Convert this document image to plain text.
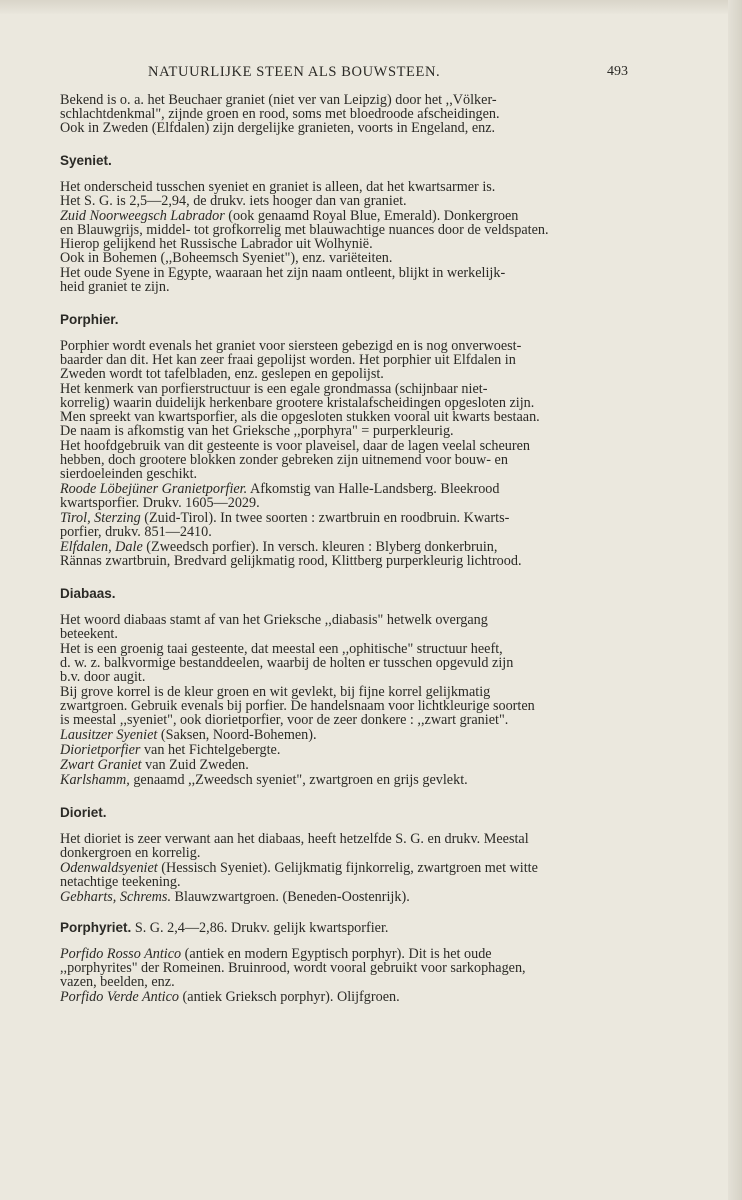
NATUURLIJKE STEEN ALS BOUWSTEEN.	493
Bekend is o. a. het Beuchaer graniet (niet ver van Leipzig) door het ,,Völker-
schlachtdenkmal", zijnde groen en rood, soms met bloedroode afscheidingen.
Ook in Zweden (Elfdalen) zijn dergelijke granieten, voorts in Engeland, enz.
Syeniet.
Het onderscheid tusschen syeniet en graniet is alleen, dat het kwartsarmer is.
Het S. G. is 2,5—2,94, de drukv. iets hooger dan van graniet.
Zuid Noorweegsch Labrador (ook genaamd Royal Blue, Emerald). Donkergroen
en Blauwgrijs, middel- tot grofkorrelig met blauwachtige nuances door de veldspaten.
Hierop gelijkend het Russische Labrador uit Wolhynië.
Ook in Bohemen (,,Boheemsch Syeniet"), enz. variëteiten.
Het oude Syene in Egypte, waaraan het zijn naam ontleent, blijkt in werkelijk-
heid graniet te zijn.
Porphier.
Porphier wordt evenals het graniet voor siersteen gebezigd en is nog onverwoest-
baarder dan dit. Het kan zeer fraai gepolijst worden. Het porphier uit Elfdalen in
Zweden wordt tot tafelbladen, enz. geslepen en gepolijst.
Het kenmerk van porfierstructuur is een egale grondmassa (schijnbaar niet-
korrelig) waarin duidelijk herkenbare grootere kristalafscheidingen opgesloten zijn.
Men spreekt van kwartsporfier, als die opgesloten stukken vooral uit kwarts bestaan.
De naam is afkomstig van het Grieksche ,,porphyra" = purperkleurig.
Het hoofdgebruik van dit gesteente is voor plaveisel, daar de lagen veelal scheuren
hebben, doch grootere blokken zonder gebreken zijn uitnemend voor bouw- en
sierdoeleinden geschikt.
Roode Löbejüner Granietporfier. Afkomstig van Halle-Landsberg. Bleekrood
kwartsporfier. Drukv. 1605—2029.
Tirol, Sterzing (Zuid-Tirol). In twee soorten : zwartbruin en roodbruin. Kwarts-
porfier, drukv. 851—2410.
Elfdalen, Dale (Zweedsch porfier). In versch. kleuren : Blyberg donkerbruin,
Rännas zwartbruin, Bredvard gelijkmatig rood, Klittberg purperkleurig lichtrood.
Diabaas.
Het woord diabaas stamt af van het Grieksche ,,diabasis" hetwelk overgang
beteekent.
Het is een groenig taai gesteente, dat meestal een ,,ophitische" structuur heeft,
d. w. z. balkvormige bestanddeelen, waarbij de holten er tusschen opgevuld zijn
b.v. door augit.
Bij grove korrel is de kleur groen en wit gevlekt, bij fijne korrel gelijkmatig
zwartgroen. Gebruik evenals bij porfier. De handelsnaam voor lichtkleurige soorten
is meestal ,,syeniet", ook diorietporfier, voor de zeer donkere : ,,zwart graniet".
Lausitzer Syeniet (Saksen, Noord-Bohemen).
Diorietporfier van het Fichtelgebergte.
Zwart Graniet van Zuid Zweden.
Karlshamm, genaamd ,,Zweedsch syeniet", zwartgroen en grijs gevlekt.
Dioriet.
Het dioriet is zeer verwant aan het diabaas, heeft hetzelfde S. G. en drukv. Meestal
donkergroen en korrelig.
Odenwaldsyeniet (Hessisch Syeniet). Gelijkmatig fijnkorrelig, zwartgroen met witte
netachtige teekening.
Gebharts, Schrems. Blauwzwartgroen. (Beneden-Oostenrijk).
Porphyriet. S. G. 2,4—2,86. Drukv. gelijk kwartsporfier.
Porfido Rosso Antico (antiek en modern Egyptisch porphyr). Dit is het oude
,,porphyrites" der Romeinen. Bruinrood, wordt vooral gebruikt voor sarkophagen,
vazen, beelden, enz.
Porfido Verde Antico (antiek Grieksch porphyr). Olijfgroen.
